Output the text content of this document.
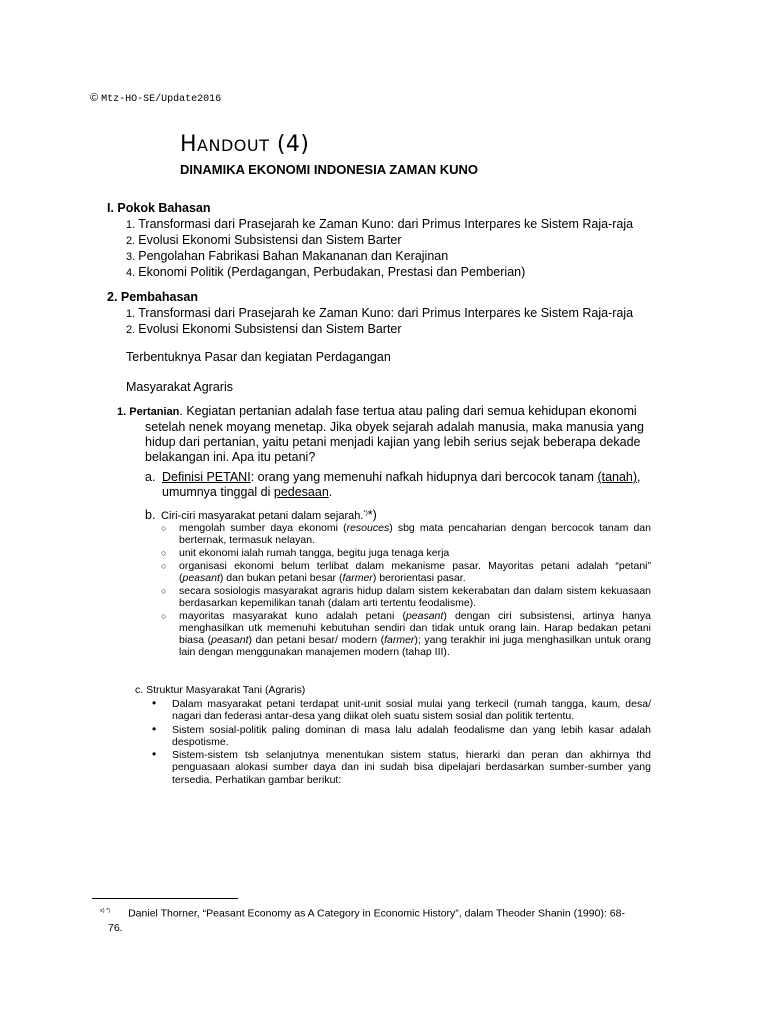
© Mtz-HO-SE/Update2016
HANDOUT (4)
DINAMIKA EKONOMI INDONESIA ZAMAN KUNO
I. Pokok Bahasan
1. Transformasi dari Prasejarah ke Zaman Kuno: dari Primus Interpares ke Sistem Raja-raja
2. Evolusi Ekonomi Subsistensi dan Sistem Barter
3. Pengolahan Fabrikasi Bahan Makananan dan Kerajinan
4. Ekonomi Politik (Perdagangan, Perbudakan, Prestasi dan Pemberian)
2. Pembahasan
1. Transformasi dari Prasejarah ke Zaman Kuno: dari Primus Interpares ke Sistem Raja-raja
2. Evolusi Ekonomi Subsistensi dan Sistem Barter
Terbentuknya Pasar dan kegiatan Perdagangan
Masyarakat Agraris
1. Pertanian. Kegiatan pertanian adalah fase tertua atau paling dari semua kehidupan ekonomi
setelah nenek moyang menetap. Jika obyek sejarah adalah manusia, maka manusia yang hidup dari pertanian, yaitu petani menjadi kajian yang lebih serius sejak beberapa dekade belakangan ini. Apa itu petani?
a. Definisi PETANI: orang yang memenuhi nafkah hidupnya dari bercocok tanam (tanah),
umumnya tinggal di pedesaan.
b. Ciri-ciri masyarakat petani dalam sejarah.*)*)
○ mengolah sumber daya ekonomi (resouces) sbg mata pencaharian dengan bercocok tanam dan berternak, termasuk nelayan.
○ unit ekonomi ialah rumah tangga, begitu juga tenaga kerja
○ organisasi ekonomi belum terlibat dalam mekanisme pasar. Mayoritas petani adalah “petani” (peasant) dan bukan petani besar (farmer) berorientasi pasar.
○ secara sosiologis masyarakat agraris hidup dalam sistem kekerabatan dan dalam sistem kekuasaan berdasarkan kepemilikan tanah (dalam arti tertentu feodalisme).
○ mayoritas masyarakat kuno adalah petani (peasant) dengan ciri subsistensi, artinya hanya menghasilkan utk memenuhi kebutuhan sendiri dan tidak untuk orang lain. Harap bedakan petani biasa (peasant) dan petani besar/ modern (farmer); yang terakhir ini juga menghasilkan untuk orang lain dengan menggunakan manajemen modern (tahap III).
c. Struktur Masyarakat Tani (Agraris)
• Dalam masyarakat petani terdapat unit-unit sosial mulai yang terkecil (rumah tangga, kaum, desa/ nagari dan federasi antar-desa yang diikat oleh suatu sistem sosial dan politik tertentu.
• Sistem sosial-politik paling dominan di masa lalu adalah feodalisme dan yang lebih kasar adalah despotisme.
• Sistem-sistem tsb selanjutnya menentukan sistem status, hierarki dan peran dan akhirnya thd penguasaan alokasi sumber daya dan ini sudah bisa dipelajari berdasarkan sumber-sumber yang tersedia. Perhatikan gambar berikut:
$^{x) *)}$ Daniel Thorner, “Peasant Economy as A Category in Economic History”, dalam Theoder Shanin (1990): 68-
76.
